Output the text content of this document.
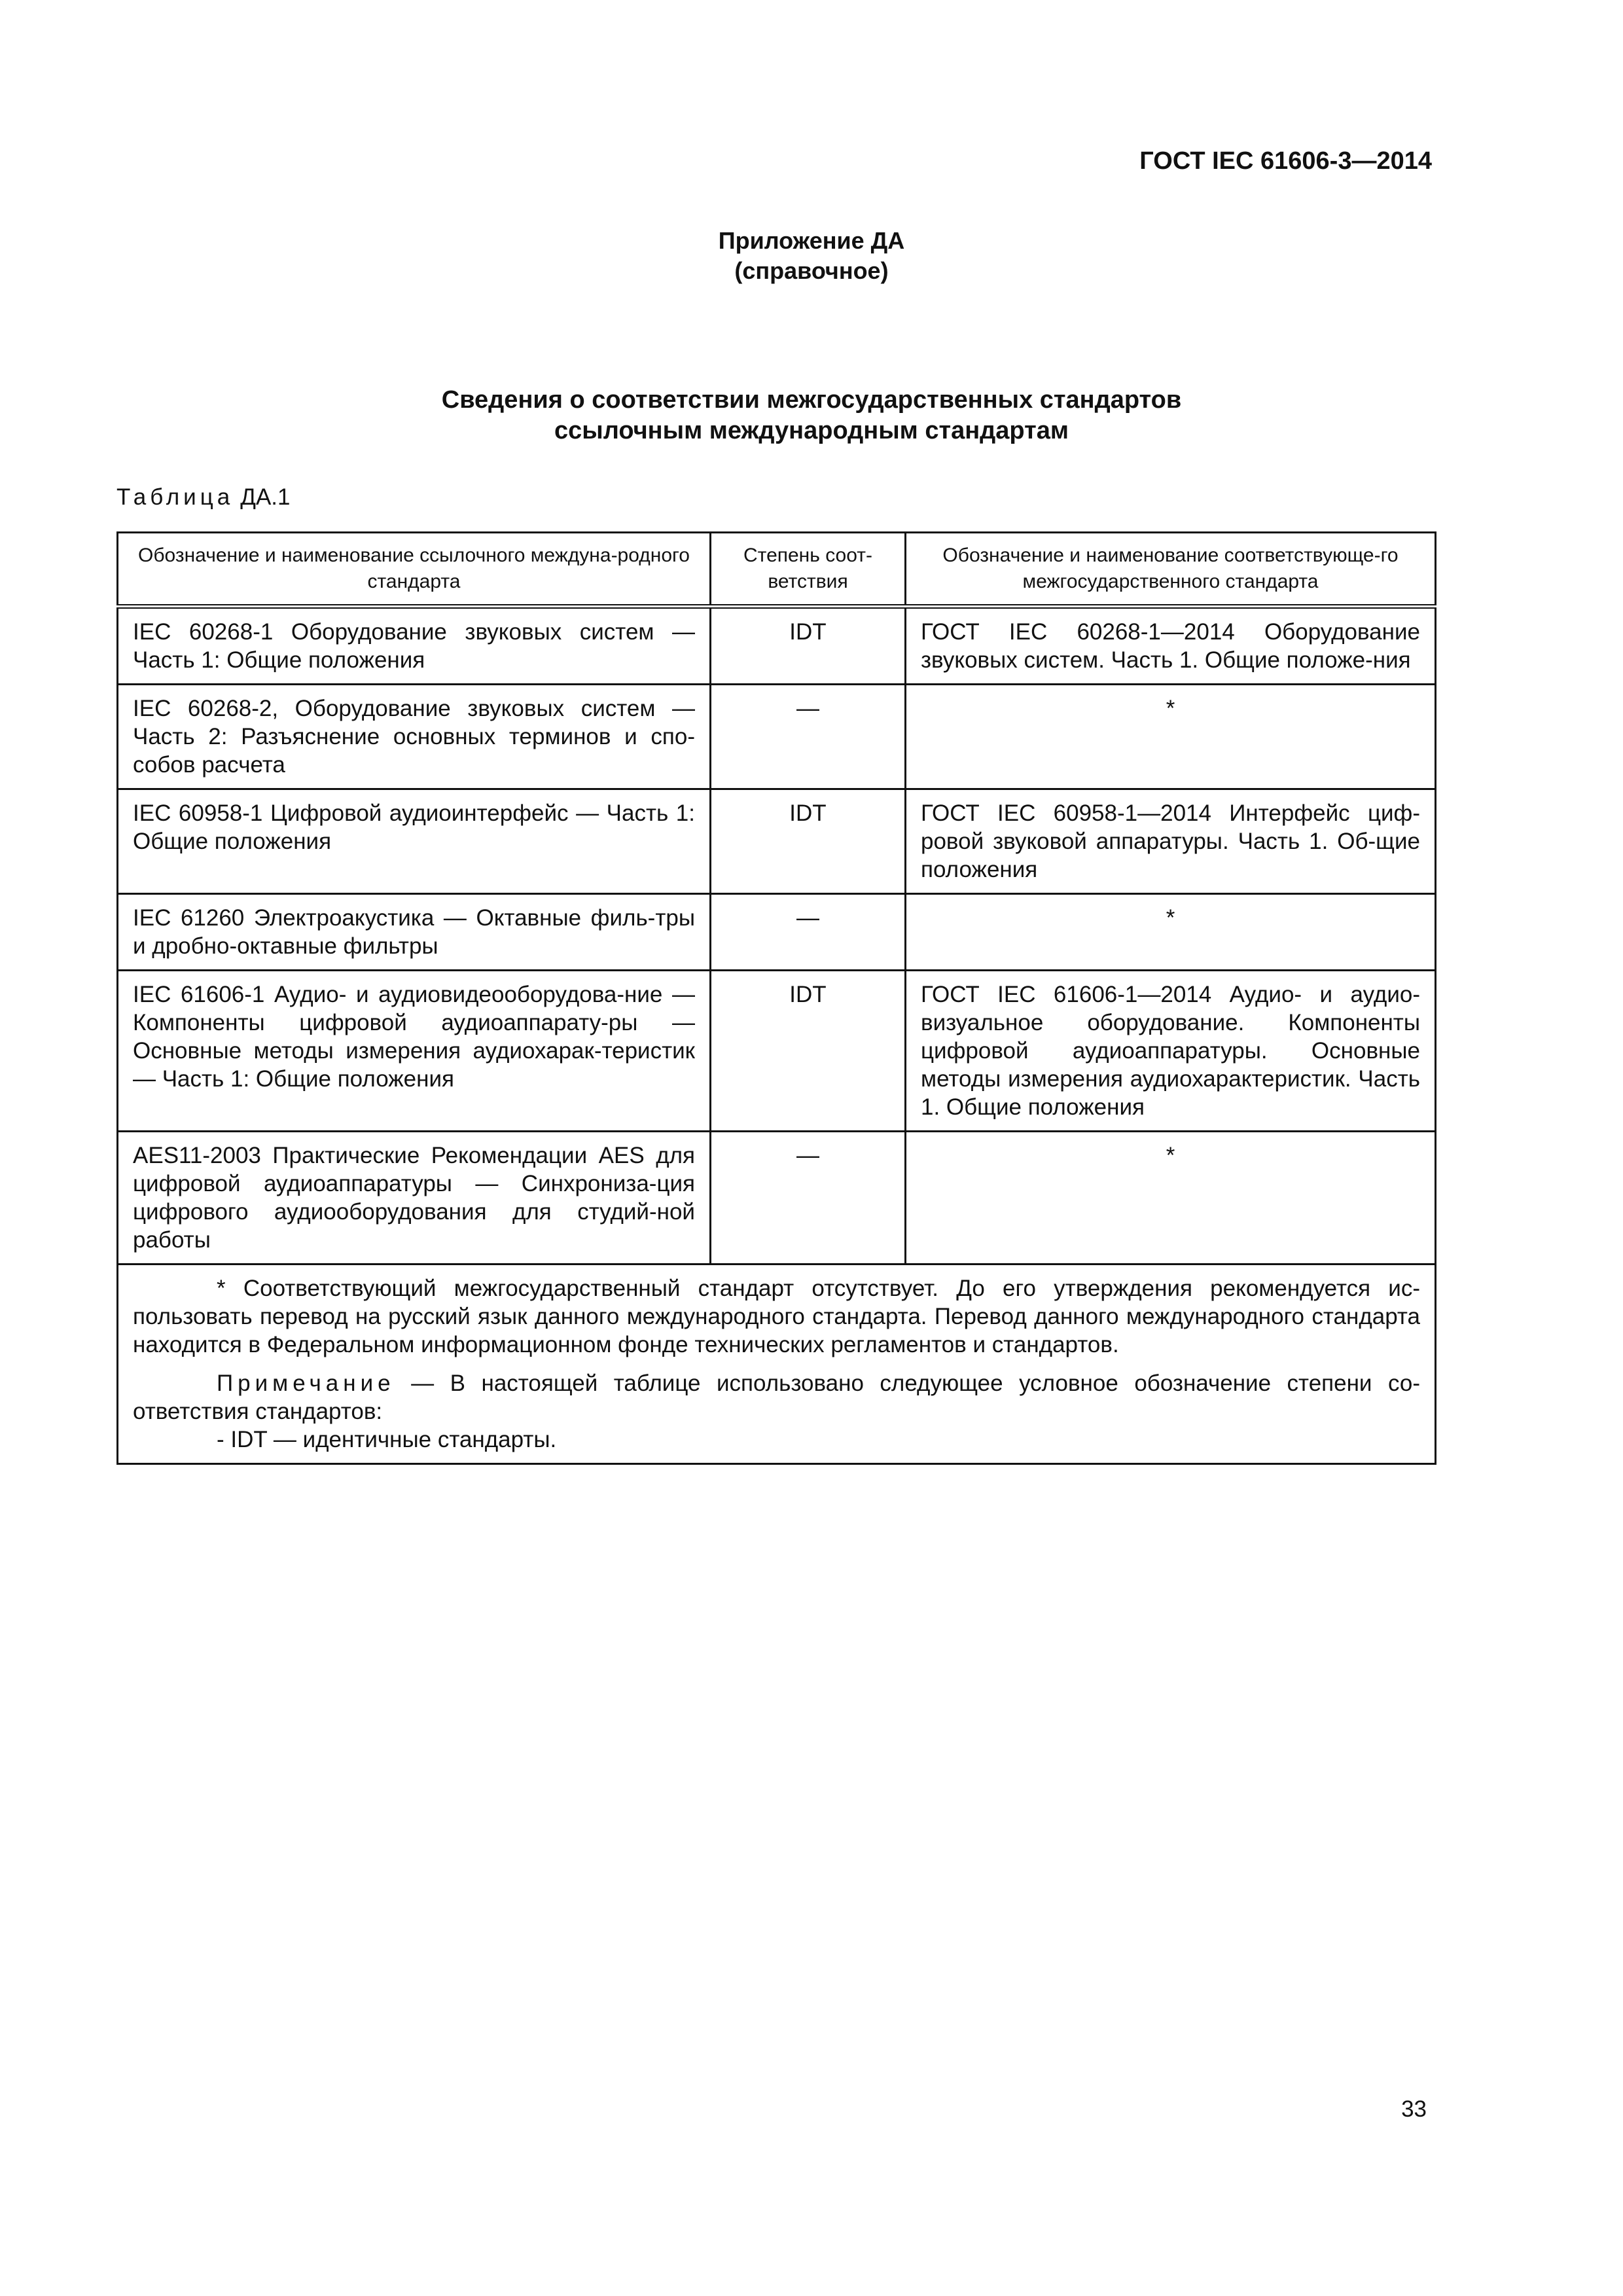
ГОСТ IEC 61606-3—2014
Приложение ДА
(справочное)
Сведения о соответствии межгосударственных стандартов
ссылочным международным стандартам
Таблица ДА.1
Обозначение и наименование ссылочного междуна-родного стандарта	Степень соот-ветствия	Обозначение и наименование соответствующе-го межгосударственного стандарта
IEC 60268-1 Оборудование звуковых систем — Часть 1: Общие положения	IDT	ГОСТ IEC 60268-1—2014 Оборудование звуковых систем. Часть 1. Общие положе-ния
IEC 60268-2, Оборудование звуковых систем — Часть 2: Разъяснение основных терминов и спо-собов расчета	—	*
IEC 60958-1 Цифровой аудиоинтерфейс — Часть 1: Общие положения	IDT	ГОСТ IEC 60958-1—2014 Интерфейс циф-ровой звуковой аппаратуры. Часть 1. Об-щие положения
IEC 61260 Электроакустика — Октавные филь-тры и дробно-октавные фильтры	—	*
IEC 61606-1 Аудио- и аудиовидеооборудова-ние — Компоненты цифровой аудиоаппарату-ры — Основные методы измерения аудиохарак-теристик — Часть 1: Общие положения	IDT	ГОСТ IEC 61606-1—2014 Аудио- и аудио-визуальное оборудование. Компоненты цифровой аудиоаппаратуры. Основные методы измерения аудиохарактеристик. Часть 1. Общие положения
AES11-2003 Практические Рекомендации AES для цифровой аудиоаппаратуры — Синхрониза-ция цифрового аудиооборудования для студий-ной работы	—	*

* Соответствующий межгосударственный стандарт отсутствует. До его утверждения рекомендуется ис-пользовать перевод на русский язык данного международного стандарта. Перевод данного международного стандарта находится в Федеральном информационном фонде технических регламентов и стандартов.

Примечание — В настоящей таблице использовано следующее условное обозначение степени со-ответствия стандартов:

- IDT — идентичные стандарты.		
33
